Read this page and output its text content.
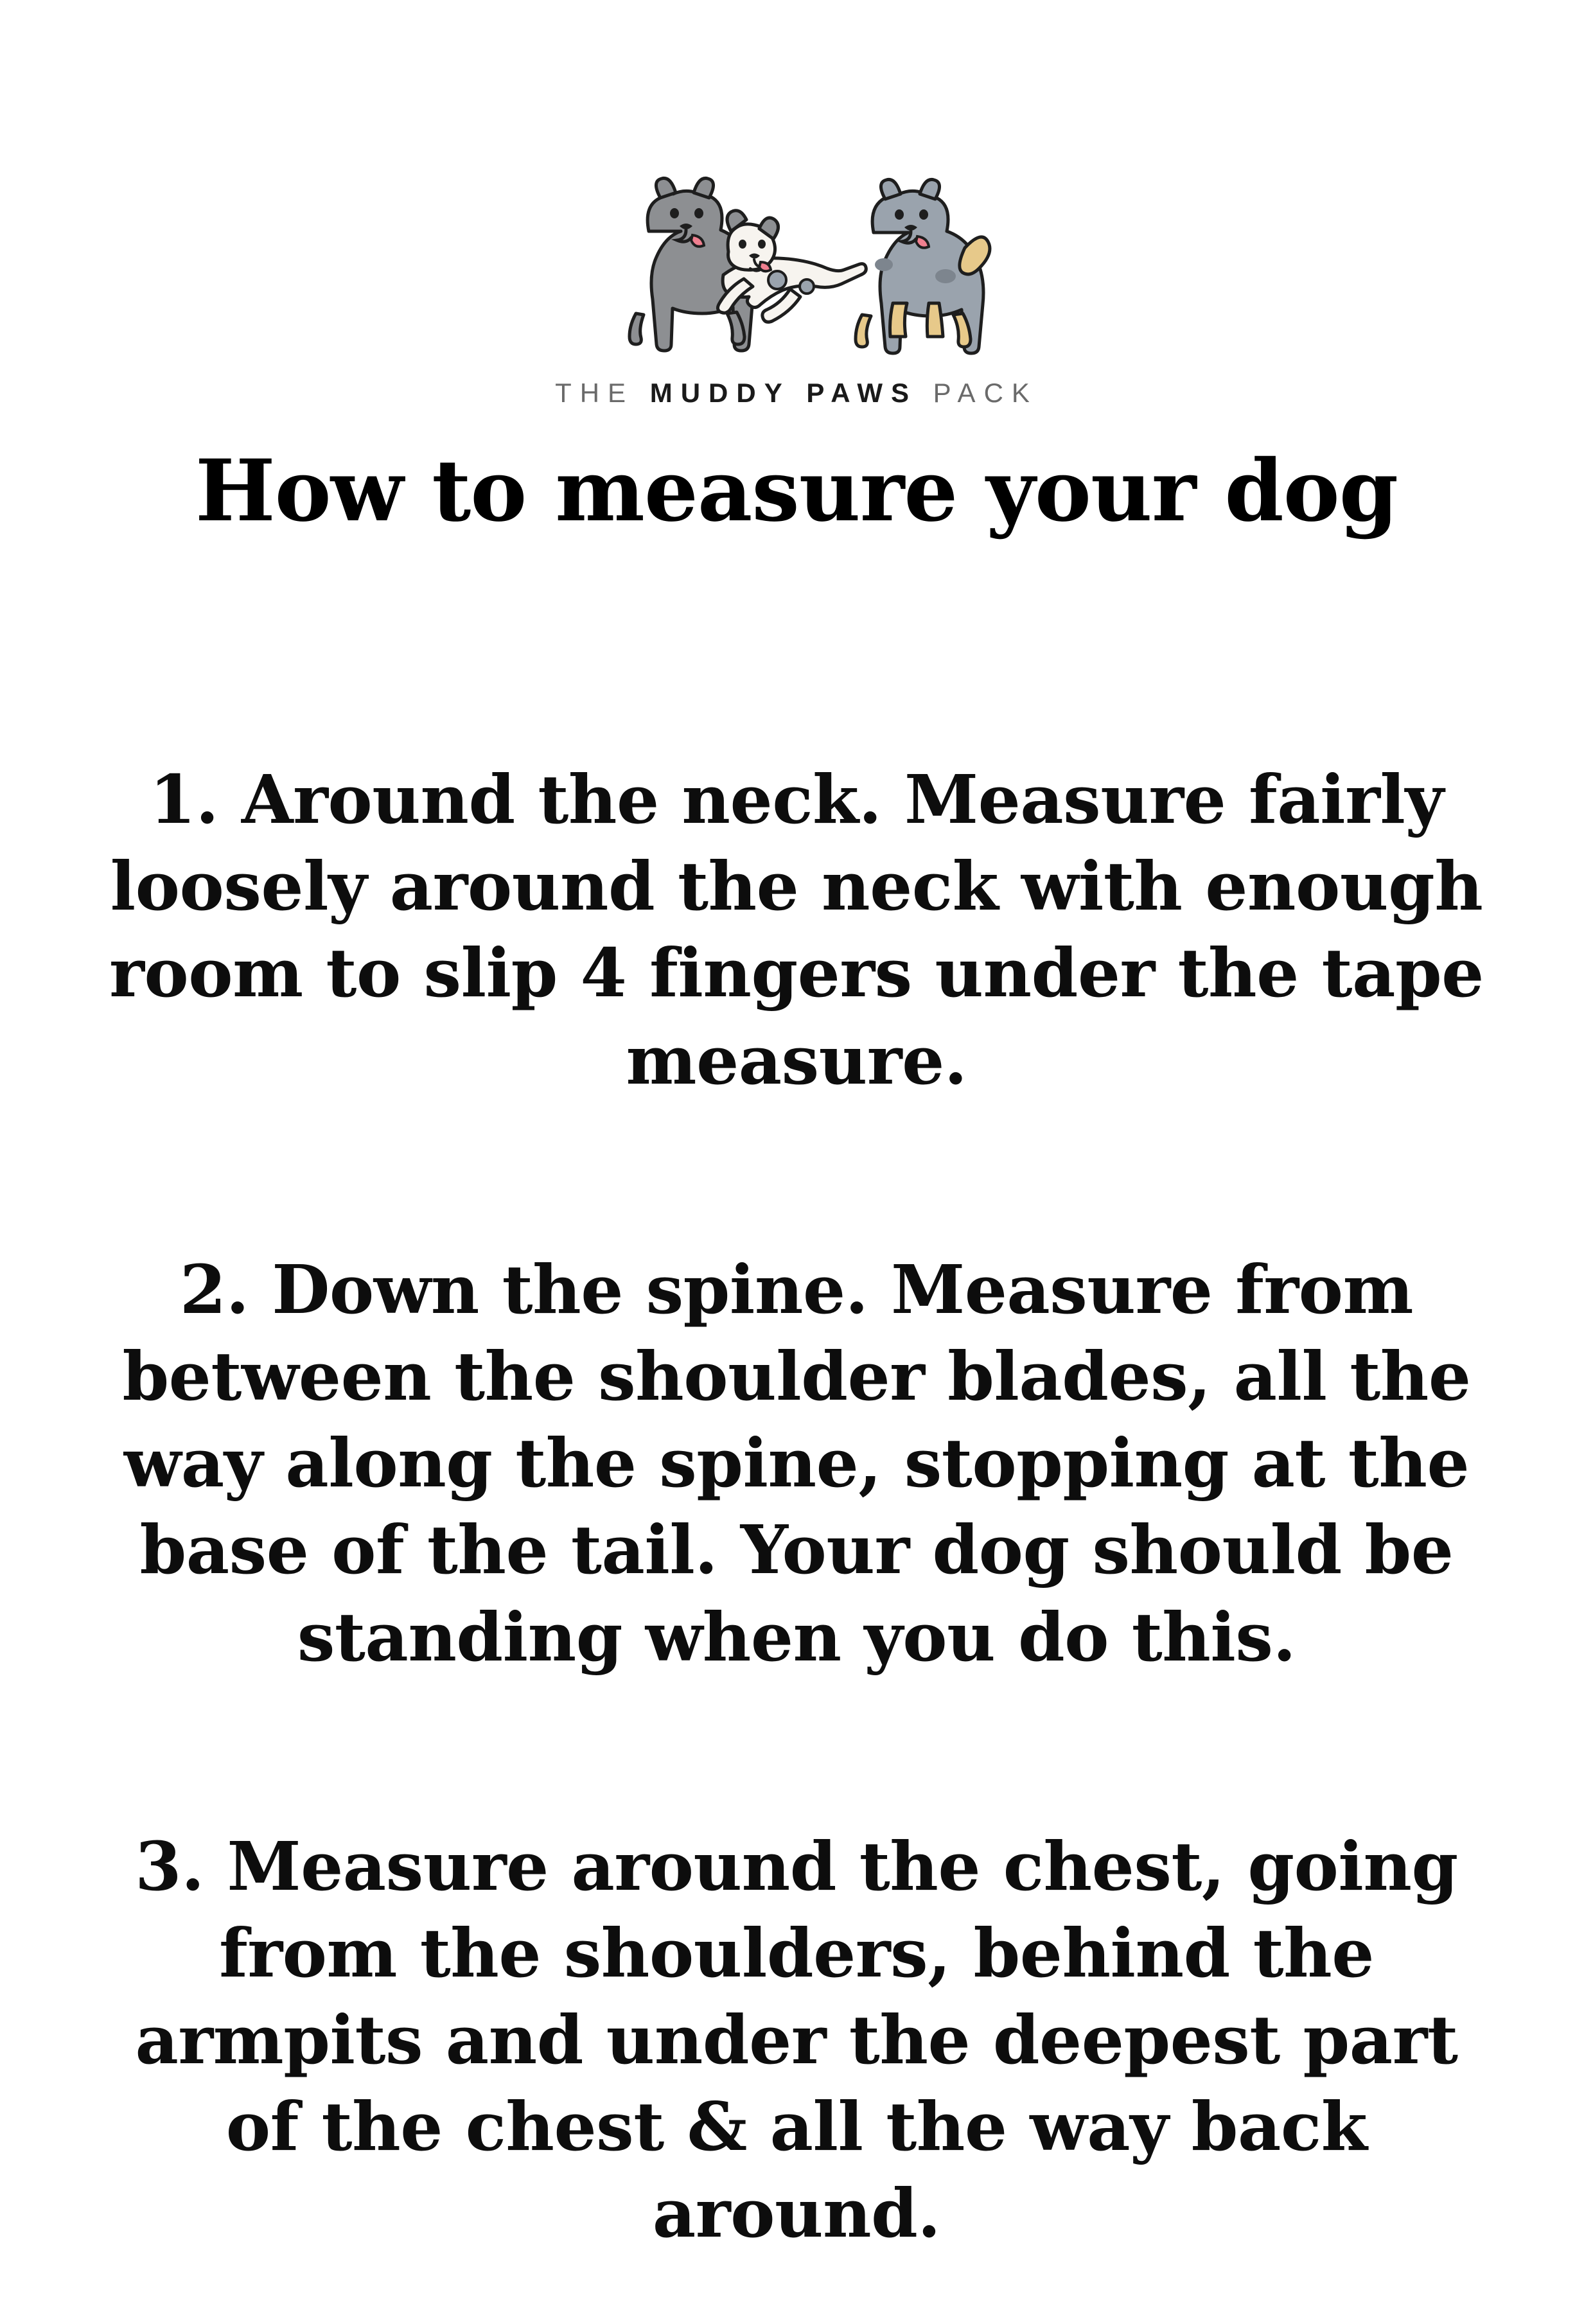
THE MUDDY PAWS PACK
How to measure your dog

1. Around the neck. Measure fairly loosely around the neck with enough room to slip 4 fingers under the tape measure.

2. Down the spine. Measure from between the shoulder blades, all the way along the spine, stopping at the base of the tail. Your dog should be standing when you do this.

3. Measure around the chest, going from the shoulders, behind the armpits and under the deepest part of the chest & all the way back around.
